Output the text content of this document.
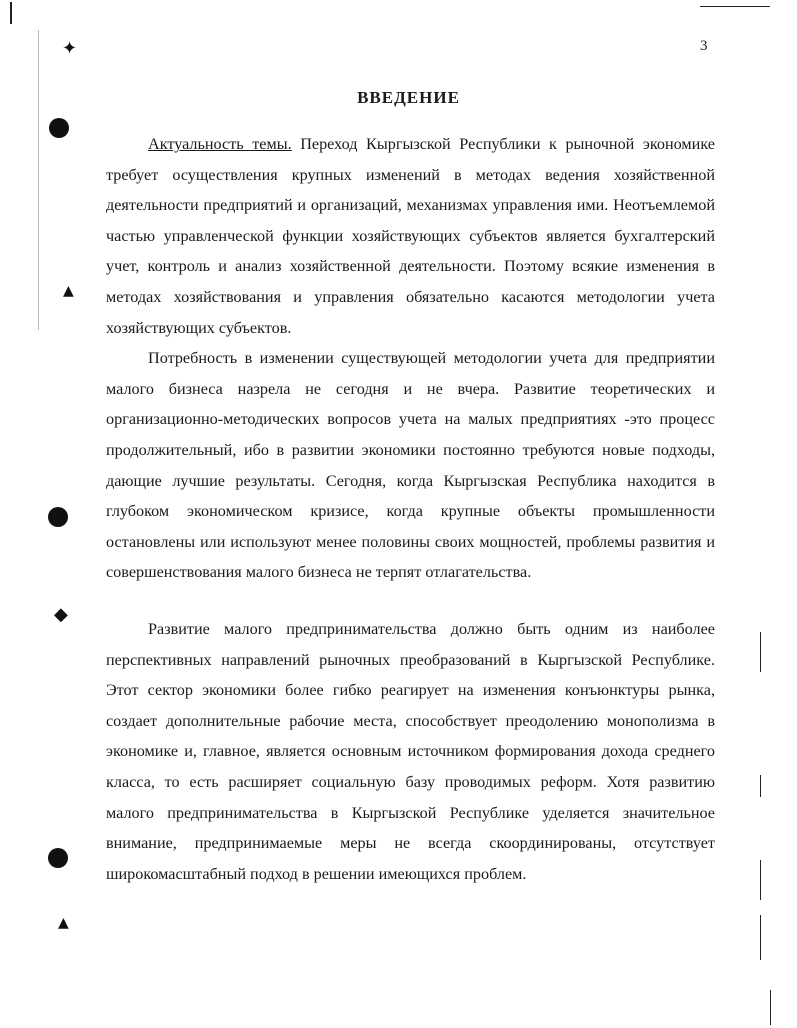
✦
▲
◆
▲
3
ВВЕДЕНИЕ

Актуальность темы. Переход Кыргызской Республики к рыночной экономике требует осуществления крупных изменений в методах ведения хозяйственной деятельности предприятий и организаций, механизмах управления ими. Неотъемлемой частью управленческой функции хозяйствующих субъектов является бухгалтерский учет, контроль и анализ хозяйственной деятельности. Поэтому всякие изменения в методах хозяйствования и управления обязательно касаются методологии учета хозяйствующих субъектов.

Потребность в изменении существующей методологии учета для предприятии малого бизнеса назрела не сегодня и не вчера. Развитие теоретических и организационно-методических вопросов учета на малых предприятиях -это процесс продолжительный, ибо в развитии экономики постоянно требуются новые подходы, дающие лучшие результаты. Сегодня, когда Кыргызская Республика находится в глубоком экономическом кризисе, когда крупные объекты промышленности остановлены или используют менее половины своих мощностей, проблемы развития и совершенствования малого бизнеса не терпят отлагательства.

Развитие малого предпринимательства должно быть одним из наиболее перспективных направлений рыночных преобразований в Кыргызской Республике. Этот сектор экономики более гибко реагирует на изменения конъюнктуры рынка, создает дополнительные рабочие места, способствует преодолению монополизма в экономике и, главное, является основным источником формирования дохода среднего класса, то есть расширяет социальную базу проводимых реформ. Хотя развитию малого предпринимательства в Кыргызской Республике уделяется значительное внимание, предпринимаемые меры не всегда скоординированы, отсутствует широкомасштабный подход в решении имеющихся проблем.
